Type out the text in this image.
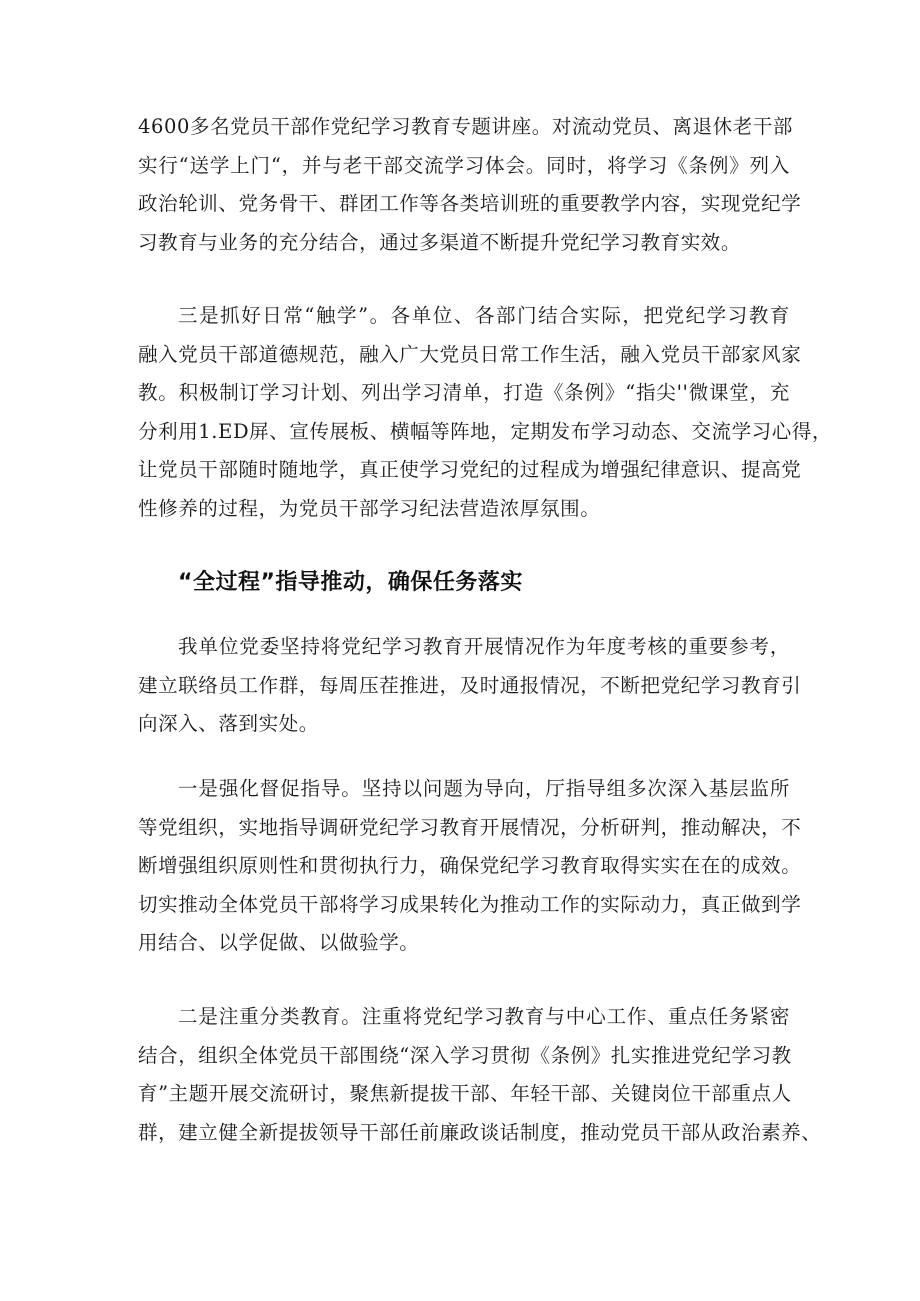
4600多名党员干部作党纪学习教育专题讲座。对流动党员、离退休老干部
实行“送学上门“，并与老干部交流学习体会。同时，将学习《条例》列入
政治轮训、党务骨干、群团工作等各类培训班的重要教学内容，实现党纪学
习教育与业务的充分结合，通过多渠道不断提升党纪学习教育实效。

三是抓好日常“触学”。各单位、各部门结合实际，把党纪学习教育
融入党员干部道德规范，融入广大党员日常工作生活，融入党员干部家风家
教。积极制订学习计划、列出学习清单，打造《条例》“指尖''微课堂，充
分利用1.ED屏、宣传展板、横幅等阵地，定期发布学习动态、交流学习心得，
让党员干部随时随地学，真正使学习党纪的过程成为增强纪律意识、提高党
性修养的过程，为党员干部学习纪法营造浓厚氛围。

“全过程”指导推动，确保任务落实

我单位党委坚持将党纪学习教育开展情况作为年度考核的重要参考，
建立联络员工作群，每周压茬推进，及时通报情况，不断把党纪学习教育引
向深入、落到实处。

一是强化督促指导。坚持以问题为导向，厅指导组多次深入基层监所
等党组织，实地指导调研党纪学习教育开展情况，分析研判，推动解决，不
断增强组织原则性和贯彻执行力，确保党纪学习教育取得实实在在的成效。
切实推动全体党员干部将学习成果转化为推动工作的实际动力，真正做到学
用结合、以学促做、以做验学。

二是注重分类教育。注重将党纪学习教育与中心工作、重点任务紧密
结合，组织全体党员干部围绕“深入学习贯彻《条例》扎实推进党纪学习教
育”主题开展交流研讨，聚焦新提拔干部、年轻干部、关键岗位干部重点人
群，建立健全新提拔领导干部任前廉政谈话制度，推动党员干部从政治素养、
